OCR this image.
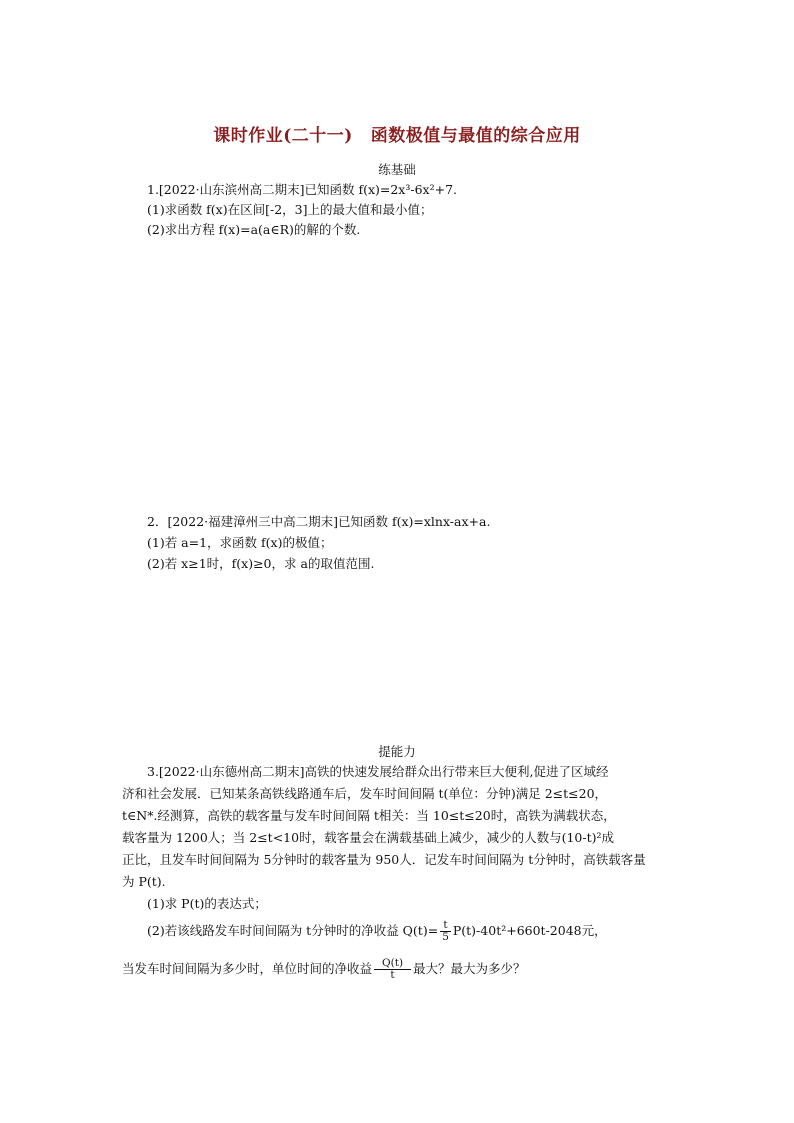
课时作业(二十一) 函数极值与最值的综合应用
练基础
1.[2022·山东滨州高二期末]已知函数 f(x)=2x³-6x²+7.
(1)求函数 f(x)在区间[-2，3]上的最大值和最小值；
(2)求出方程 f(x)=a(a∈R)的解的个数.
2．[2022·福建漳州三中高二期末]已知函数 f(x)=xlnx-ax+a.
(1)若 a=1，求函数 f(x)的极值；
(2)若 x≥1时，f(x)≥0，求 a的取值范围.
提能力
3.[2022·山东德州高二期末]高铁的快速发展给群众出行带来巨大便利,促进了区域经
济和社会发展．已知某条高铁线路通车后，发车时间间隔 t(单位：分钟)满足 2≤t≤20，
t∈N*.经测算，高铁的载客量与发车时间间隔 t相关：当 10≤t≤20时，高铁为满载状态，
载客量为 1200人；当 2≤t<10时，载客量会在满载基础上减少，减少的人数与(10-t)²成
正比，且发车时间间隔为 5分钟时的载客量为 950人．记发车时间间隔为 t分钟时，高铁载客量
为 P(t).
(1)求 P(t)的表达式；
(2)若该线路发车时间间隔为 t分钟时的净收益 $Q(t)= \frac{t}{5} P(t)-40t^2+660t-2048$元，
当发车时间间隔为多少时，单位时间的净收益 $\frac{Q(t)}{t}$ 最大？最大为多少？
